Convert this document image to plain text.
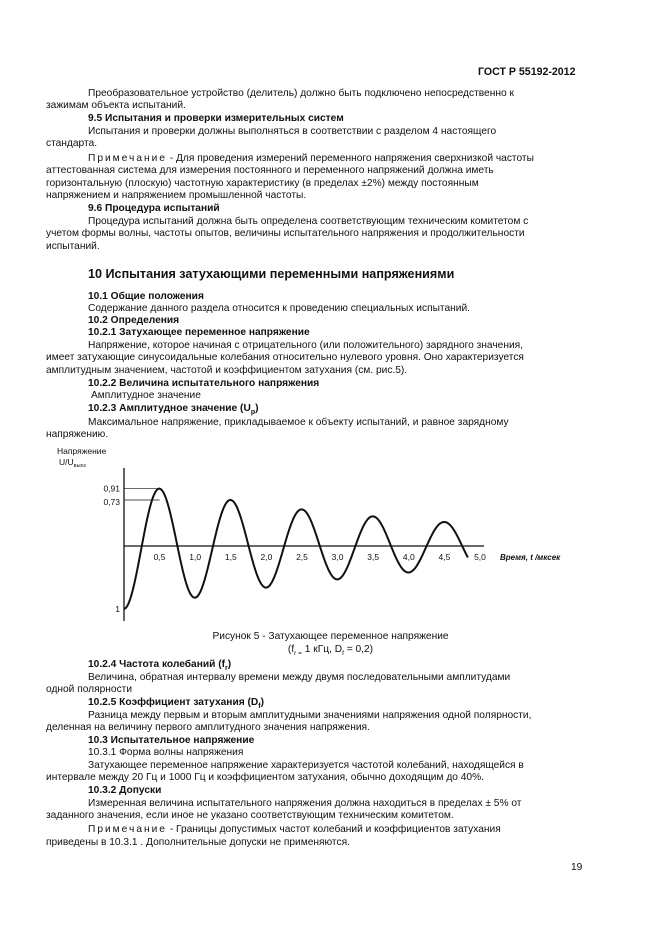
ГОСТ Р 55192-2012
Преобразовательное устройство (делитель) должно быть подключено непосредственно к
зажимам объекта испытаний.
9.5 Испытания и проверки измерительных систем
Испытания и проверки должны выполняться в соответствии с разделом 4 настоящего
стандарта.
Примечание - Для проведения измерений переменного напряжения сверхнизкой частоты
аттестованная система для измерения постоянного и переменного напряжений должна иметь
горизонтальную (плоскую) частотную характеристику (в пределах ±2%) между постоянным
напряжением и напряжением промышленной частоты.
9.6 Процедура испытаний
Процедура испытаний должна быть определена соответствующим техническим комитетом с
учетом формы волны, частоты опытов, величины испытательного напряжения и продолжительности
испытаний.
10 Испытания затухающими переменными напряжениями
10.1 Общие положения
Содержание данного раздела относится к проведению специальных испытаний.
10.2 Определения
10.2.1 Затухающее переменное напряжение
Напряжение, которое начиная с отрицательного (или положительного) зарядного значения,
имеет затухающие синусоидальные колебания относительно нулевого уровня. Оно характеризуется
амплитудным значением, частотой и коэффициентом затухания (см. рис.5).
10.2.2 Величина испытательного напряжения
Амплитудное значение
10.2.3 Амплитудное значение $(U_p)$
Максимальное напряжение, прикладываемое к объекту испытаний, и равное зарядному
напряжению.
Напряжение
$U/U_{выхз}$
0,91
0,73
1
0,5	1,0	1,5	2,0	2,5	3,0	3,5	4,0	4,5	5,0 Время, t /мксек
Рисунок 5 - Затухающее переменное напряжение
($f_{r =}$ 1 кГц, $D_f = 0,2$)
10.2.4 Частота колебаний $(f_r)$
Величина, обратная интервалу времени между двумя последовательными амплитудами
одной полярности
10.2.5 Коэффициент затухания $(D_f)$
Разница между первым и вторым амплитудными значениями напряжения одной полярности,
деленная на величину первого амплитудного значения напряжения.
10.3 Испытательное напряжение
10.3.1 Форма волны напряжения
Затухающее переменное напряжение характеризуется частотой колебаний, находящейся в
интервале между 20 Гц и 1000 Гц и коэффициентом затухания, обычно доходящим до 40%.
10.3.2 Допуски
Измеренная величина испытательного напряжения должна находиться в пределах ± 5% от
заданного значения, если иное не указано соответствующим техническим комитетом.
Примечание - Границы допустимых частот колебаний и коэффициентов затухания
приведены в 10.3.1 . Дополнительные допуски не применяются.
19
